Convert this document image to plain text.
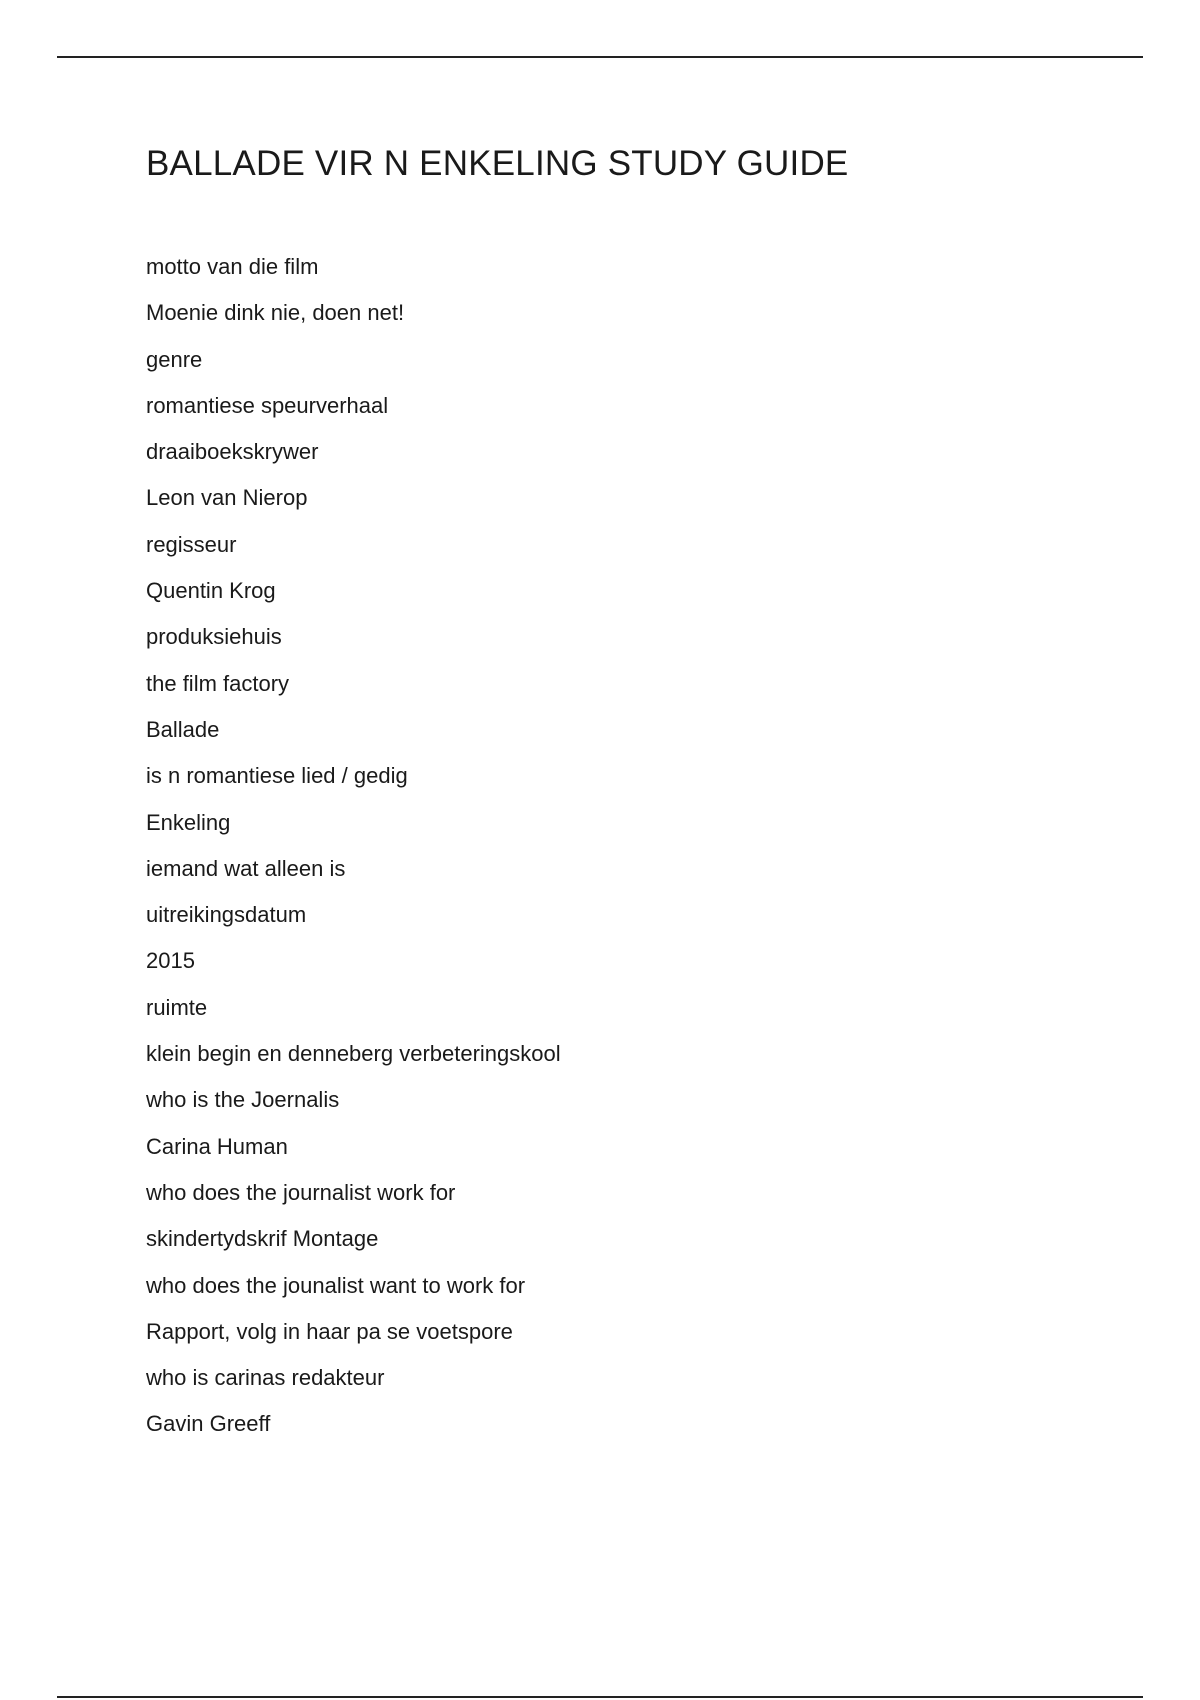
BALLADE VIR N ENKELING STUDY GUIDE
motto van die film
Moenie dink nie, doen net!
genre
romantiese speurverhaal
draaiboekskrywer
Leon van Nierop
regisseur
Quentin Krog
produksiehuis
the film factory
Ballade
is n romantiese lied / gedig
Enkeling
iemand wat alleen is
uitreikingsdatum
2015
ruimte
klein begin en denneberg verbeteringskool
who is the Joernalis
Carina Human
who does the journalist work for
skindertydskrif Montage
who does the jounalist want to work for
Rapport, volg in haar pa se voetspore
who is carinas redakteur
Gavin Greeff
